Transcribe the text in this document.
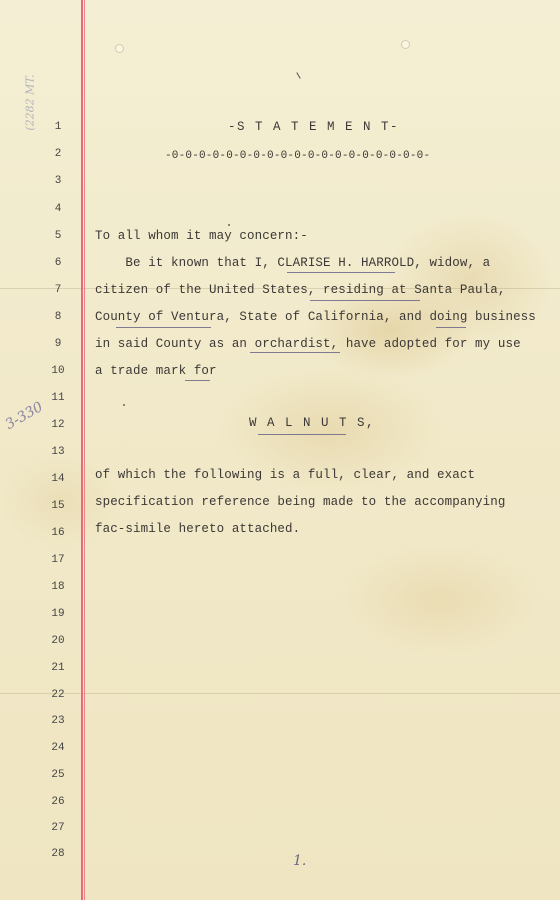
(2282 MT.	1
2
3
4
5
6
7
8
9
10
11
12
13
14
15
16
17
18
19
20
21
22
23
24
25
26
27
28
-S T A T E M E N T-
-0-0-0-0-0-0-0-0-0-0-0-0-0-0-0-0-0-0-0-
To all whom it may concern:-
Be it known that I, CLARISE H. HARROLD, widow, a
citizen of the United States, residing at Santa Paula,
County of Ventura, State of California, and doing business
in said County as an orchardist, have adopted for my use
a trade mark for
W A L N U T S,
of which the following is a full, clear, and exact
specification reference being made to the accompanying
fac-simile hereto attached.
3-330
1.
